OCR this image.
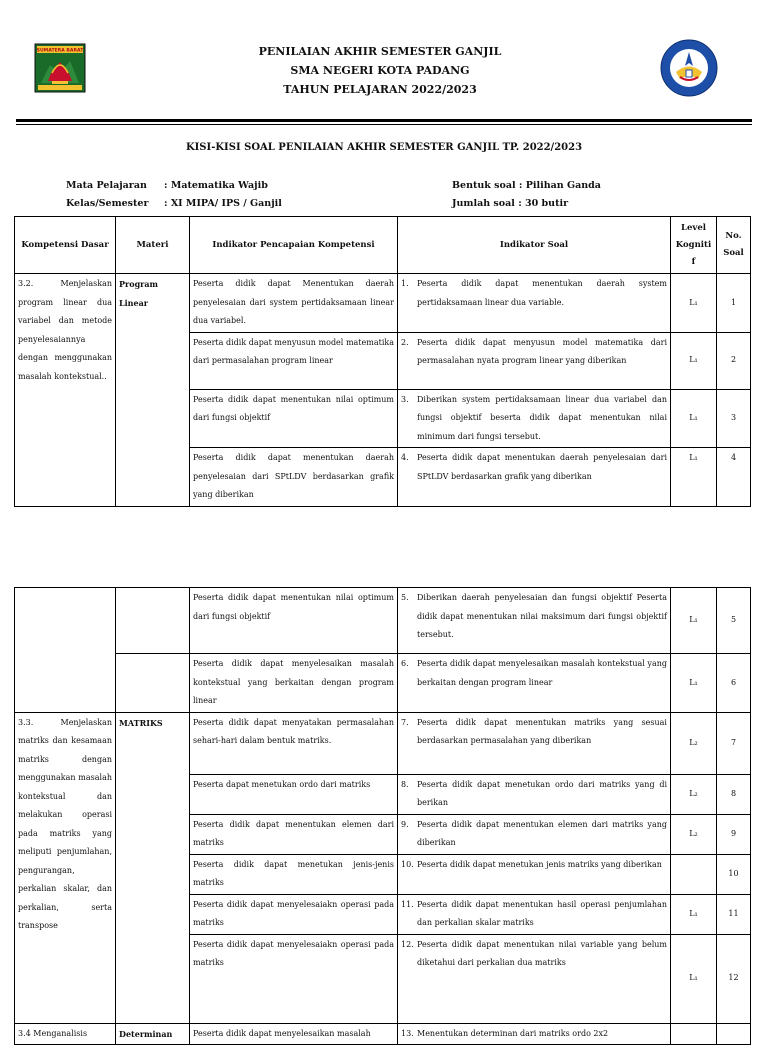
SUMATERA BARAT	PENILAIAN AKHIR SEMESTER GANJIL
SMA NEGERI KOTA PADANG
TAHUN PELAJARAN 2022/2023
KISI-KISI SOAL PENILAIAN AKHIR SEMESTER GANJIL TP. 2022/2023
Mata Pelajaran : Matematika Wajib
Kelas/Semester : XI MIPA/ IPS / Ganjil
Bentuk soal : Pilihan Ganda
Jumlah soal : 30 butir
Kompetensi Dasar	Materi	Indikator Pencapaian Kompetensi	Indikator Soal	Level Kogniti f	No. Soal
3.2. Menjelaskan program linear dua variabel dan metode penyelesaiannya dengan menggunakan masalah kontekstual..	Program Linear	Peserta didik dapat Menentukan daerah penyelesaian dari system pertidaksamaan linear dua variabel.	1. Peserta didik dapat menentukan daerah system pertidaksamaan linear dua variable.	L₁	1
		Peserta didik dapat menyusun model matematika dari permasalahan program linear	2. Peserta didik dapat menyusun model matematika dari permasalahan nyata program linear yang diberikan	L₁	2
		Peserta didik dapat menentukan nilai optimum dari fungsi objektif	3. Diberikan system pertidaksamaan linear dua variabel dan fungsi objektif beserta didik dapat menentukan nilai minimum dari fungsi tersebut.	L₁	3
		Peserta didik dapat menentukan daerah penyelesaian dari SPtLDV berdasarkan grafik yang diberikan	4. Peserta didik dapat menentukan daerah penyelesaian dari SPtLDV berdasarkan grafik yang diberikan	L₁	4
		Peserta didik dapat menentukan nilai optimum dari fungsi objektif	5. Diberikan daerah penyelesaian dan fungsi objektif Peserta didik dapat menentukan nilai maksimum dari fungsi objektif tersebut.	L₁	5
		Peserta didik dapat menyelesaikan masalah kontekstual yang berkaitan dengan program linear	6. Peserta didik dapat menyelesaikan masalah kontekstual yang berkaitan dengan program linear	L₁	6
3.3. Menjelaskan matriks dan kesamaan matriks dengan menggunakan masalah kontekstual dan melakukan operasi pada matriks yang meliputi penjumlahan, pengurangan, perkalian skalar, dan perkalian, serta transpose	MATRIKS	Peserta didik dapat menyatakan permasalahan sehari-hari dalam bentuk matriks.	7. Peserta didik dapat menentukan matriks yang sesuai berdasarkan permasalahan yang diberikan	L₂	7
		Peserta dapat menetukan ordo dari matriks	8. Peserta didik dapat menetukan ordo dari matriks yang di berikan	L₂	8
		Peserta didik dapat menentukan elemen dari matriks	9. Peserta didik dapat menentukan elemen dari matriks yang diberikan	L₂	9
		Peserta didik dapat menetukan jenis-jenis matriks	10. Peserta didik dapat menetukan jenis matriks yang diberikan		10
		Peserta didik dapat menyelesaiakn operasi pada matriks	11. Peserta didik dapat menentukan hasil operasi penjumlahan dan perkalian skalar matriks	L₁	11
		Peserta didik dapat menyelesaiakn operasi pada matriks	12. Peserta didik dapat menentukan nilai variable yang belum diketahui dari perkalian dua matriks	L₁	12
3.4 Menganalisis	Determinan	Peserta didik dapat menyelesaikan masalah	13. Menentukan determinan dari matriks ordo 2x2		
